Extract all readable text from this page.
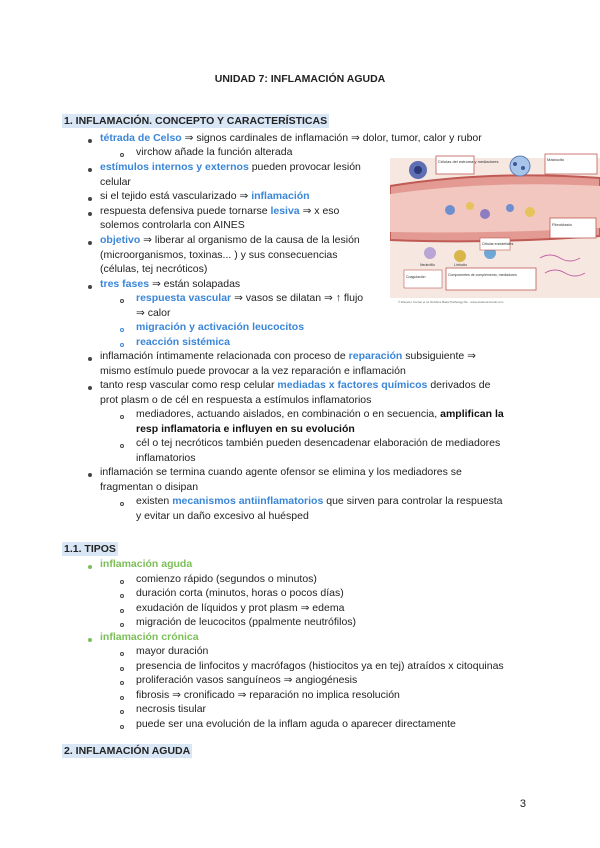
UNIDAD 7: INFLAMACIÓN AGUDA
1. INFLAMACIÓN. CONCEPTO Y CARACTERÍSTICAS
tétrada de Celso ⇒ signos cardinales de inflamación ⇒ dolor, tumor, calor y rubor
virchow añade la función alterada
estímulos internos y externos pueden provocar lesión
celular
si el tejido está vascularizado ⇒ inflamación
respuesta defensiva puede tornarse lesiva ⇒ x eso
solemos controlarla con AINES
objetivo ⇒ liberar al organismo de la causa de la lesión
(microorganismos, toxinas... ) y sus consecuencias
(células, tej necróticos)
tres fases ⇒ están solapadas
respuesta vascular ⇒ vasos se dilatan ⇒ ↑ flujo
⇒ calor
migración y activación leucocitos
reacción sistémica
inflamación íntimamente relacionada con proceso de reparación subsiguiente ⇒
mismo estímulo puede provocar a la vez reparación e inflamación
tanto resp vascular como resp celular mediadas x factores químicos derivados de
prot plasm o de cél en respuesta a estímulos inflamatorios
mediadores, actuando aislados, en combinación o en secuencia, amplifican la
resp inflamatoria e influyen en su evolución
cél o tej necróticos también pueden desencadenar elaboración de mediadores
inflamatorios
inflamación se termina cuando agente ofensor se elimina y los mediadores se
fragmentan o disipan
existen mecanismos antiinflamatorios que sirven para controlar la respuesta
y evitar un daño excesivo al huésped
1.1. TIPOS
inflamación aguda
comienzo rápido (segundos o minutos)
duración corta (minutos, horas o pocos días)
exudación de líquidos y prot plasm ⇒ edema
migración de leucocitos (ppalmente neutrófilos)
inflamación crónica
mayor duración
presencia de linfocitos y macrófagos (histiocitos ya en tej) atraídos x citoquinas
proliferación vasos sanguíneos ⇒ angiogénesis
fibrosis ⇒ cronificado ⇒ reparación no implica resolución
necrosis tisular
puede ser una evolución de la inflam aguda o aparecer directamente
2. INFLAMACIÓN AGUDA
Células del estroma y mediadores	Mastocito
Células endoteliales
Fibroblasto
Neutrófilo	Linfocito
Coagulación	Componentes de complemento, mediadores
© Elsevier. Kumar et al: Robbins Basic Pathology 8e - www.studentconsult.com
3
